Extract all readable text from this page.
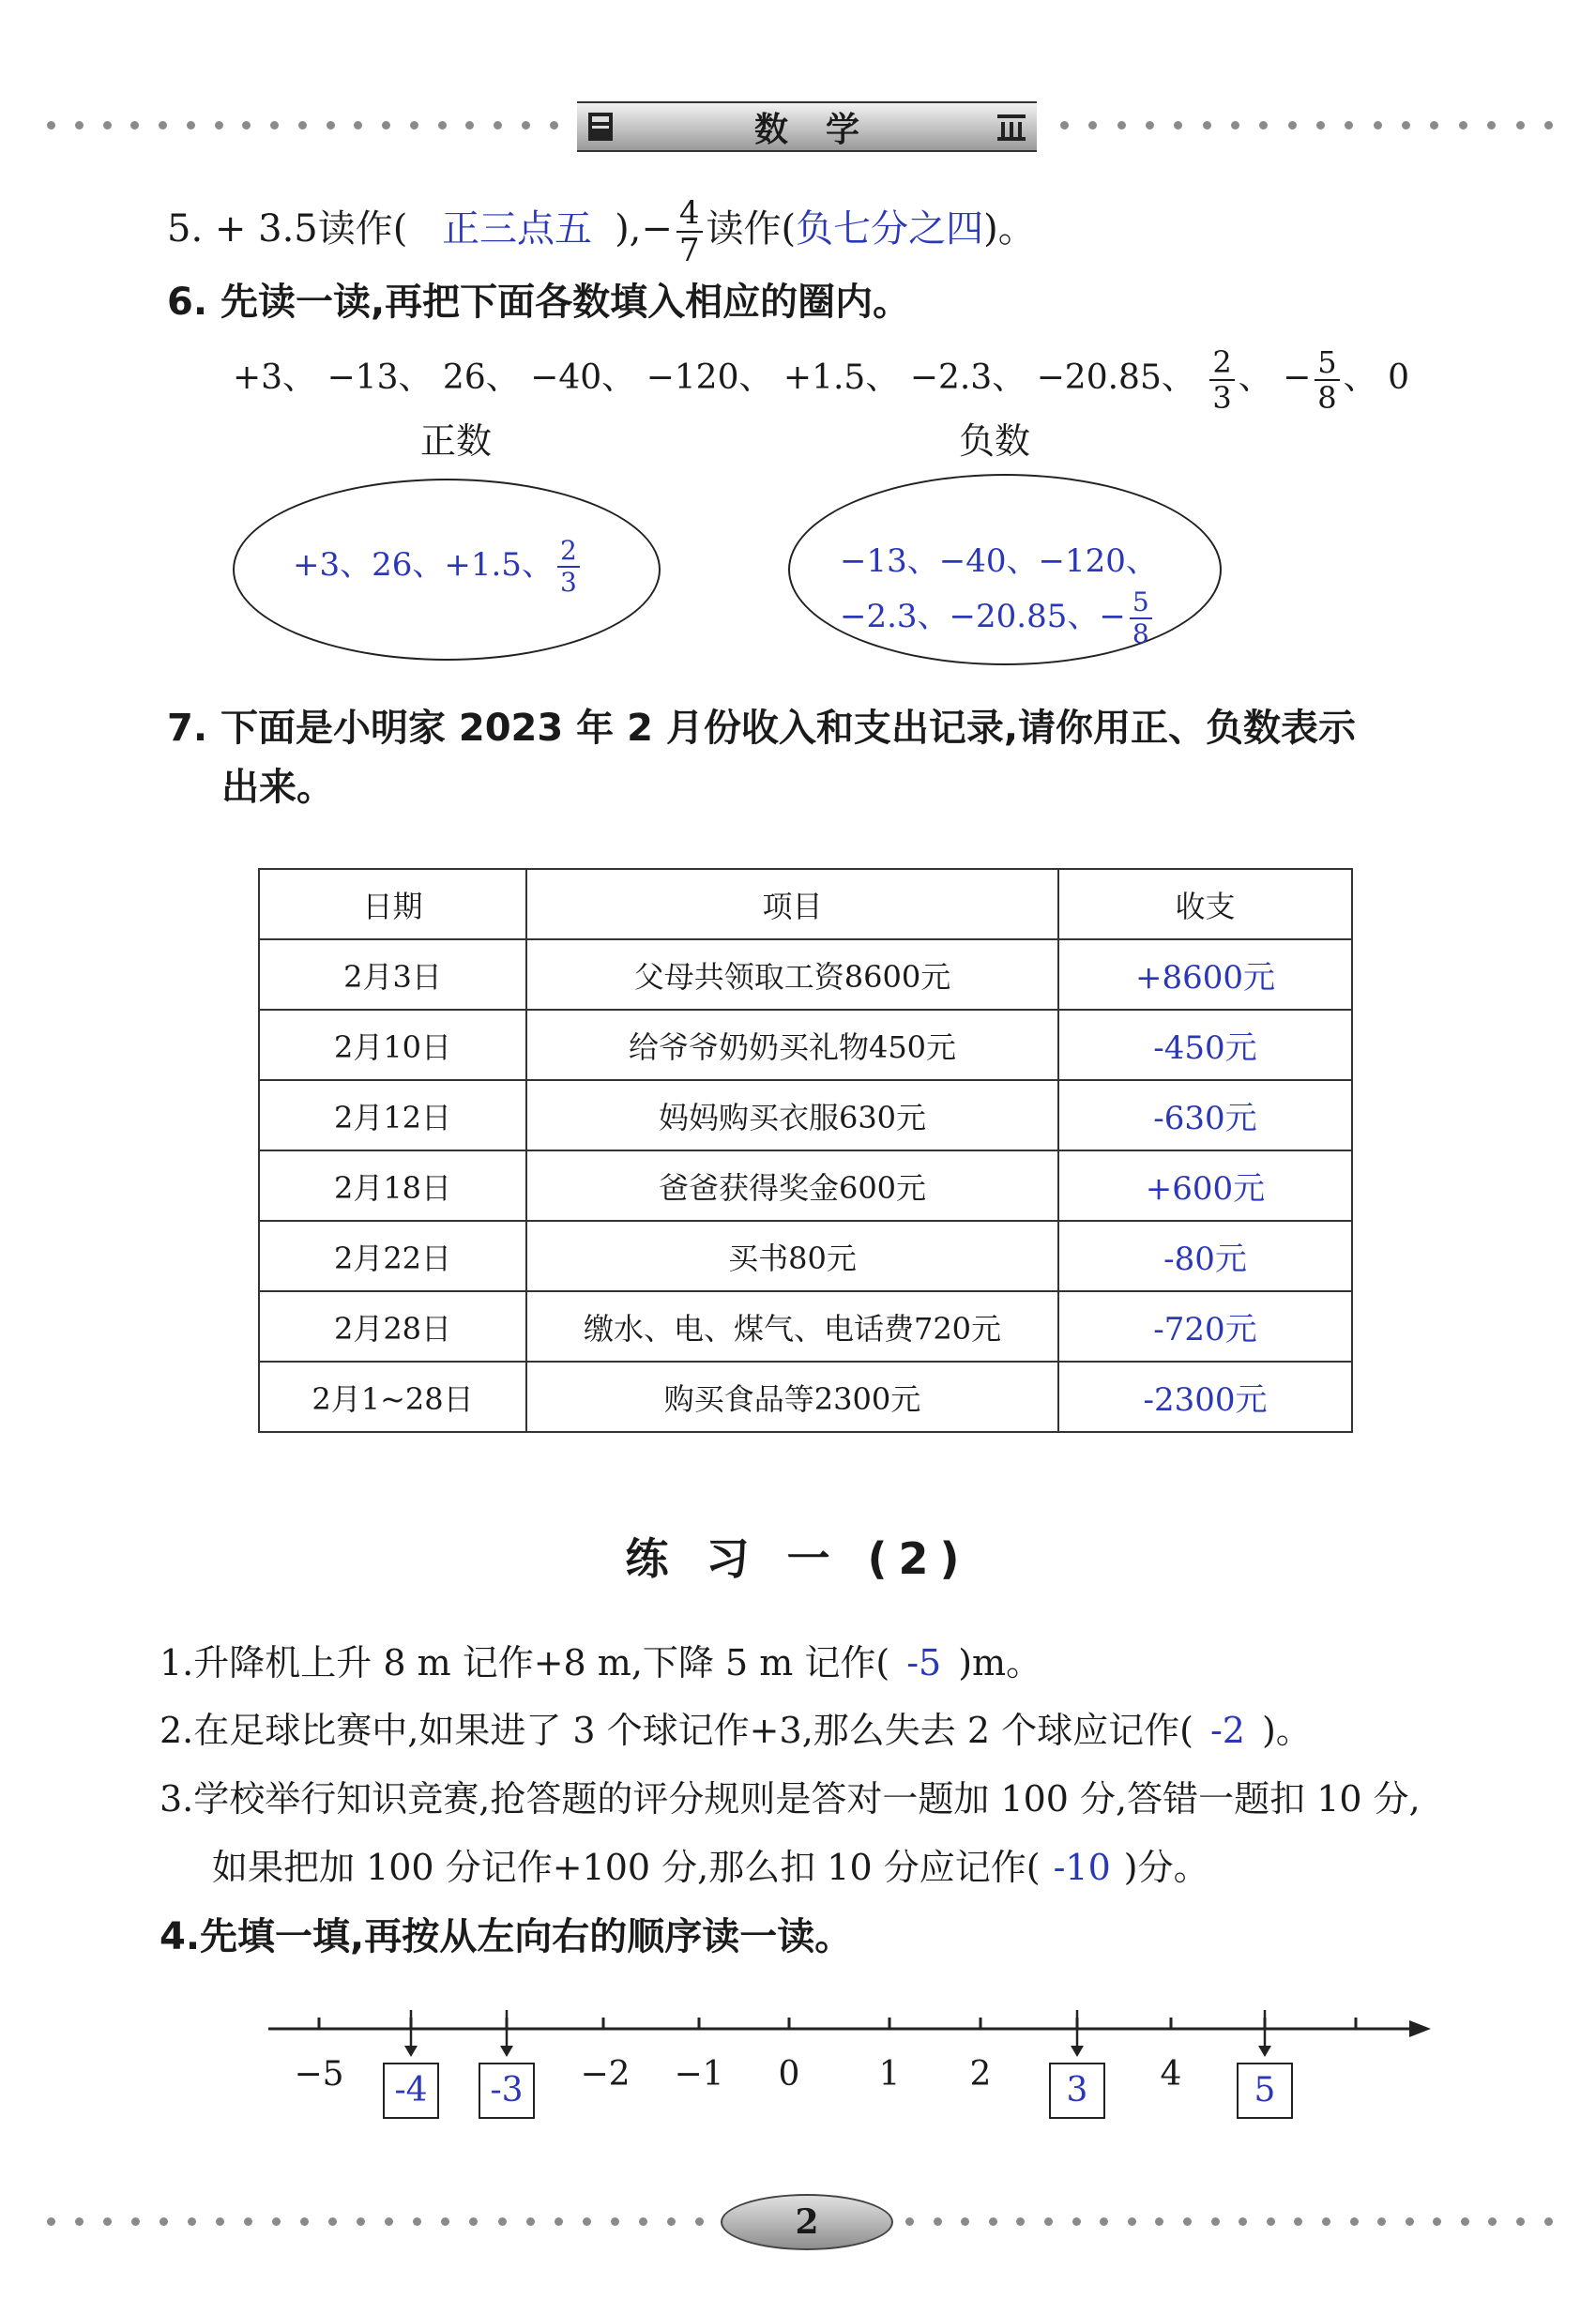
数学
5. + 3.5读作( 正三点五 ),− $\frac{4}{7}$ 读作(负七分之四)。
6. 先读一读,再把下面各数填入相应的圈内。
+3、 −13、 26、 −40、 −120、 +1.5、 −2.3、 −20.85、 $\frac{2}{3}$ 、 − $\frac{5}{8}$ 、 0
正数	负数
+3、26、+1.5、 $\frac{2}{3}$	−13、−40、−120、
−2.3、−20.85、− $\frac{5}{8}$
7. 下面是小明家 2023 年 2 月份收入和支出记录,请你用正、负数表示
出来。
日期	项目	收支
2月3日	父母共领取工资8600元	+8600元
2月10日	给爷爷奶奶买礼物450元	-450元
2月12日	妈妈购买衣服630元	-630元
2月18日	爸爸获得奖金600元	+600元
2月22日	买书80元	-80元
2月28日	缴水、电、煤气、电话费720元	-720元
2月1~28日	购买食品等2300元	-2300元
练 习 一 (2)
1.升降机上升 8 m 记作+8 m,下降 5 m 记作( -5 )m。
2.在足球比赛中,如果进了 3 个球记作+3,那么失去 2 个球应记作( -2 )。
3.学校举行知识竞赛,抢答题的评分规则是答对一题加 100 分,答错一题扣 10 分,
如果把加 100 分记作+100 分,那么扣 10 分应记作( -10 )分。
4.先填一填,再按从左向右的顺序读一读。
−5	-4	-3	−2 −1	0	1	2	3	4	5
2
